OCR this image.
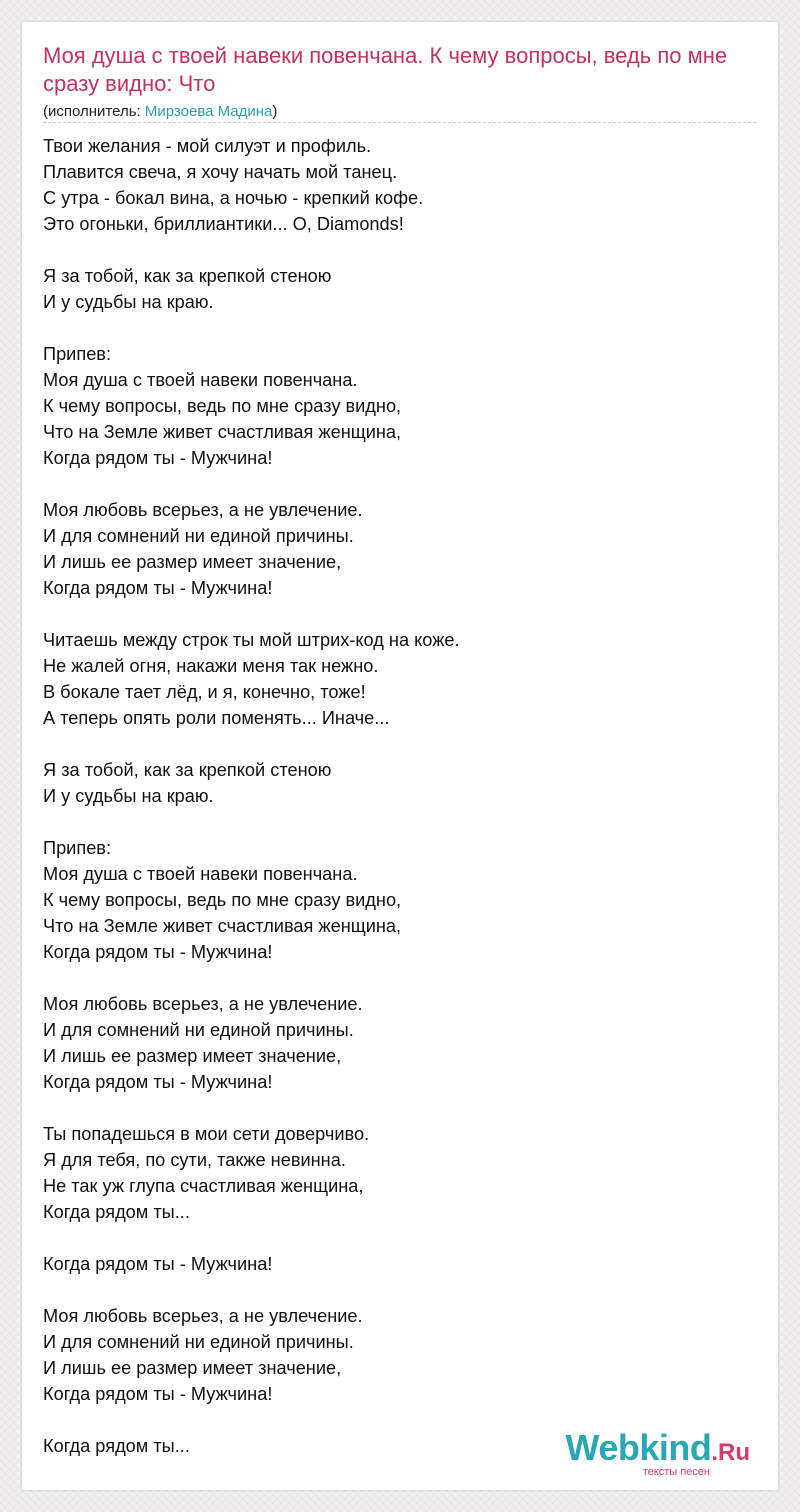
Моя душа с твоей навеки повенчана. К чему вопросы, ведь по мне сразу видно: Что
(исполнитель: Мирзоева Мадина)
Твои желания - мой силуэт и профиль.
Плавится свеча, я хочу начать мой танец.
С утра - бокал вина, а ночью - крепкий кофе.
Это огоньки, бриллиантики... О, Diamonds!
Я за тобой, как за крепкой стеною
И у судьбы на краю.
Припев:
Моя душа с твоей навеки повенчана.
К чему вопросы, ведь по мне сразу видно,
Что на Земле живет счастливая женщина,
Когда рядом ты - Мужчина!
Моя любовь всерьез, а не увлечение.
И для сомнений ни единой причины.
И лишь ее размер имеет значение,
Когда рядом ты - Мужчина!
Читаешь между строк ты мой штрих-код на коже.
Не жалей огня, накажи меня так нежно.
В бокале тает лёд, и я, конечно, тоже!
А теперь опять роли поменять... Иначе...
Я за тобой, как за крепкой стеною
И у судьбы на краю.
Припев:
Моя душа с твоей навеки повенчана.
К чему вопросы, ведь по мне сразу видно,
Что на Земле живет счастливая женщина,
Когда рядом ты - Мужчина!
Моя любовь всерьез, а не увлечение.
И для сомнений ни единой причины.
И лишь ее размер имеет значение,
Когда рядом ты - Мужчина!
Ты попадешься в мои сети доверчиво.
Я для тебя, по сути, также невинна.
Не так уж глупа счастливая женщина,
Когда рядом ты...
Когда рядом ты - Мужчина!
Моя любовь всерьез, а не увлечение.
И для сомнений ни единой причины.
И лишь ее размер имеет значение,
Когда рядом ты - Мужчина!
Когда рядом ты...	Webkind.Ru
тексты песен
